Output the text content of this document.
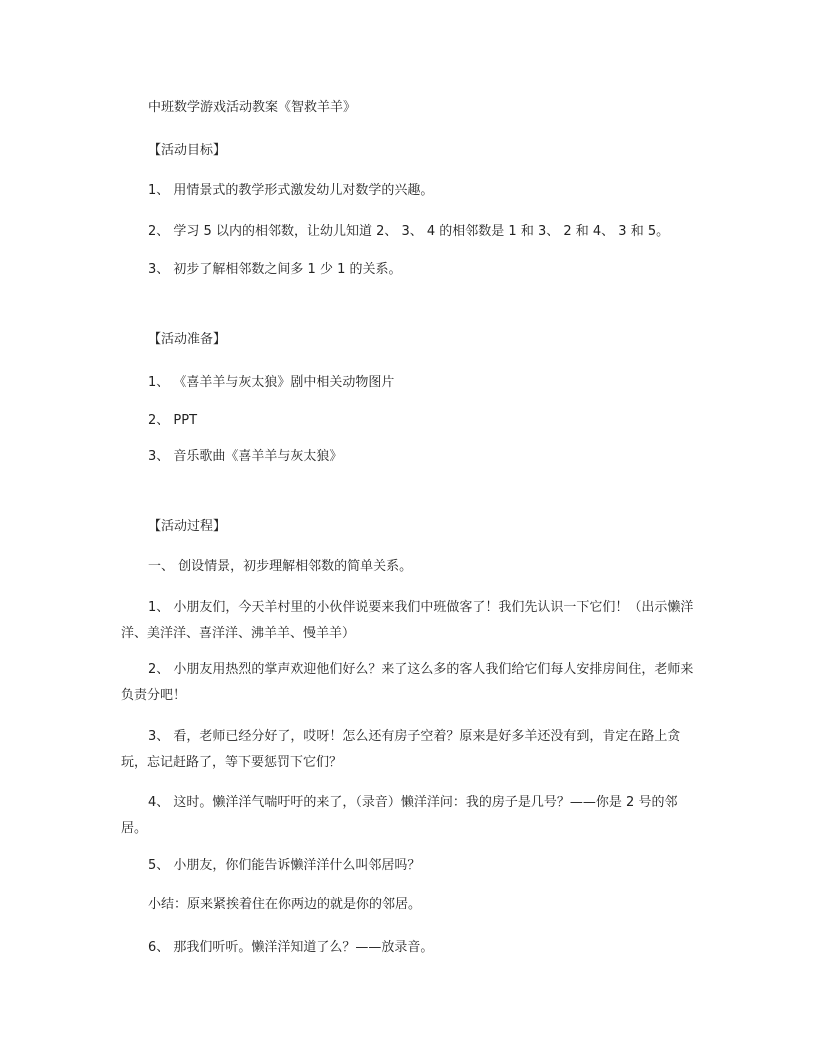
中班数学游戏活动教案《智救羊羊》
【活动目标】
1、 用情景式的教学形式激发幼儿对数学的兴趣。
2、 学习 5 以内的相邻数，让幼儿知道 2、 3、 4 的相邻数是 1 和 3、 2 和 4、 3 和 5。
3、 初步了解相邻数之间多 1 少 1 的关系。
【活动准备】
1、 《喜羊羊与灰太狼》剧中相关动物图片
2、 PPT
3、 音乐歌曲《喜羊羊与灰太狼》
【活动过程】
一、 创设情景，初步理解相邻数的简单关系。
1、 小朋友们，今天羊村里的小伙伴说要来我们中班做客了！我们先认识一下它们！（出示懒洋洋、美洋洋、喜洋洋、沸羊羊、慢羊羊）
2、 小朋友用热烈的掌声欢迎他们好么？来了这么多的客人我们给它们每人安排房间住，老师来负责分吧！
3、 看，老师已经分好了，哎呀！怎么还有房子空着？原来是好多羊还没有到，肯定在路上贪玩，忘记赶路了，等下要惩罚下它们？
4、 这时。懒洋洋气喘吁吁的来了，（录音）懒洋洋问：我的房子是几号？——你是 2 号的邻居。
5、 小朋友，你们能告诉懒洋洋什么叫邻居吗？
小结：原来紧挨着住在你两边的就是你的邻居。
6、 那我们听听。懒洋洋知道了么？——放录音。
